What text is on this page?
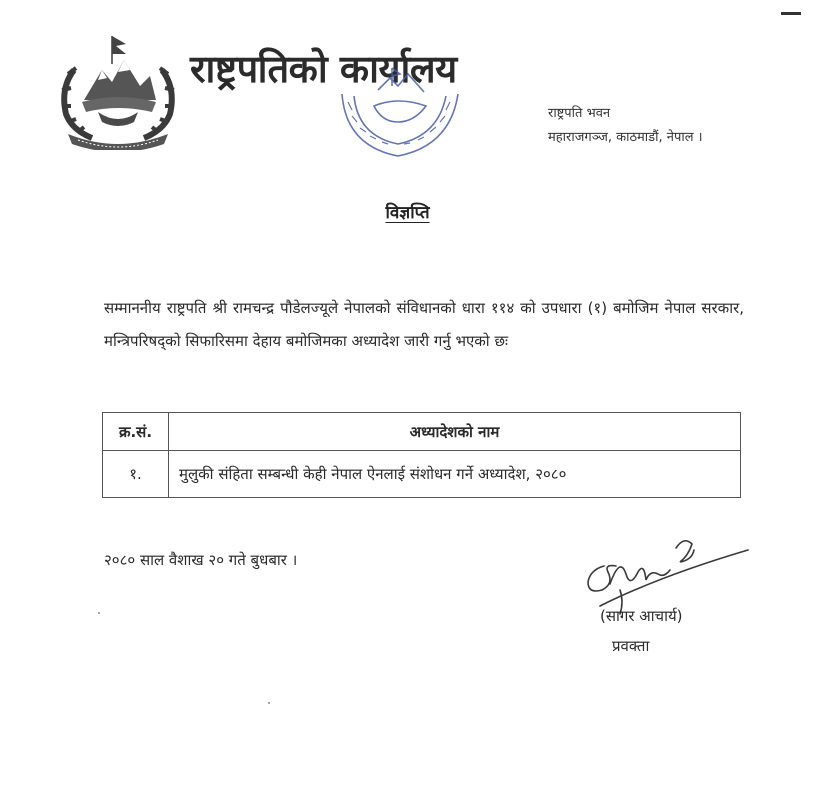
राष्ट्रपतिको कार्यालय
राष्ट्रपति भवन
महाराजगञ्ज, काठमाडौं, नेपाल ।
विज्ञप्ति
सम्माननीय राष्ट्रपति श्री रामचन्द्र पौडेलज्यूले नेपालको संविधानको धारा ११४ को उपधारा (१) बमोजिम नेपाल सरकार, मन्त्रिपरिषद्को सिफारिसमा देहाय बमोजिमका अध्यादेश जारी गर्नु भएको छः
क्र.सं.	अध्यादेशको नाम
१.	मुलुकी संहिता सम्बन्धी केही नेपाल ऐनलाई संशोधन गर्ने अध्यादेश, २०८०
२०८० साल वैशाख २० गते बुधबार ।
(सागर आचार्य)
प्रवक्ता
